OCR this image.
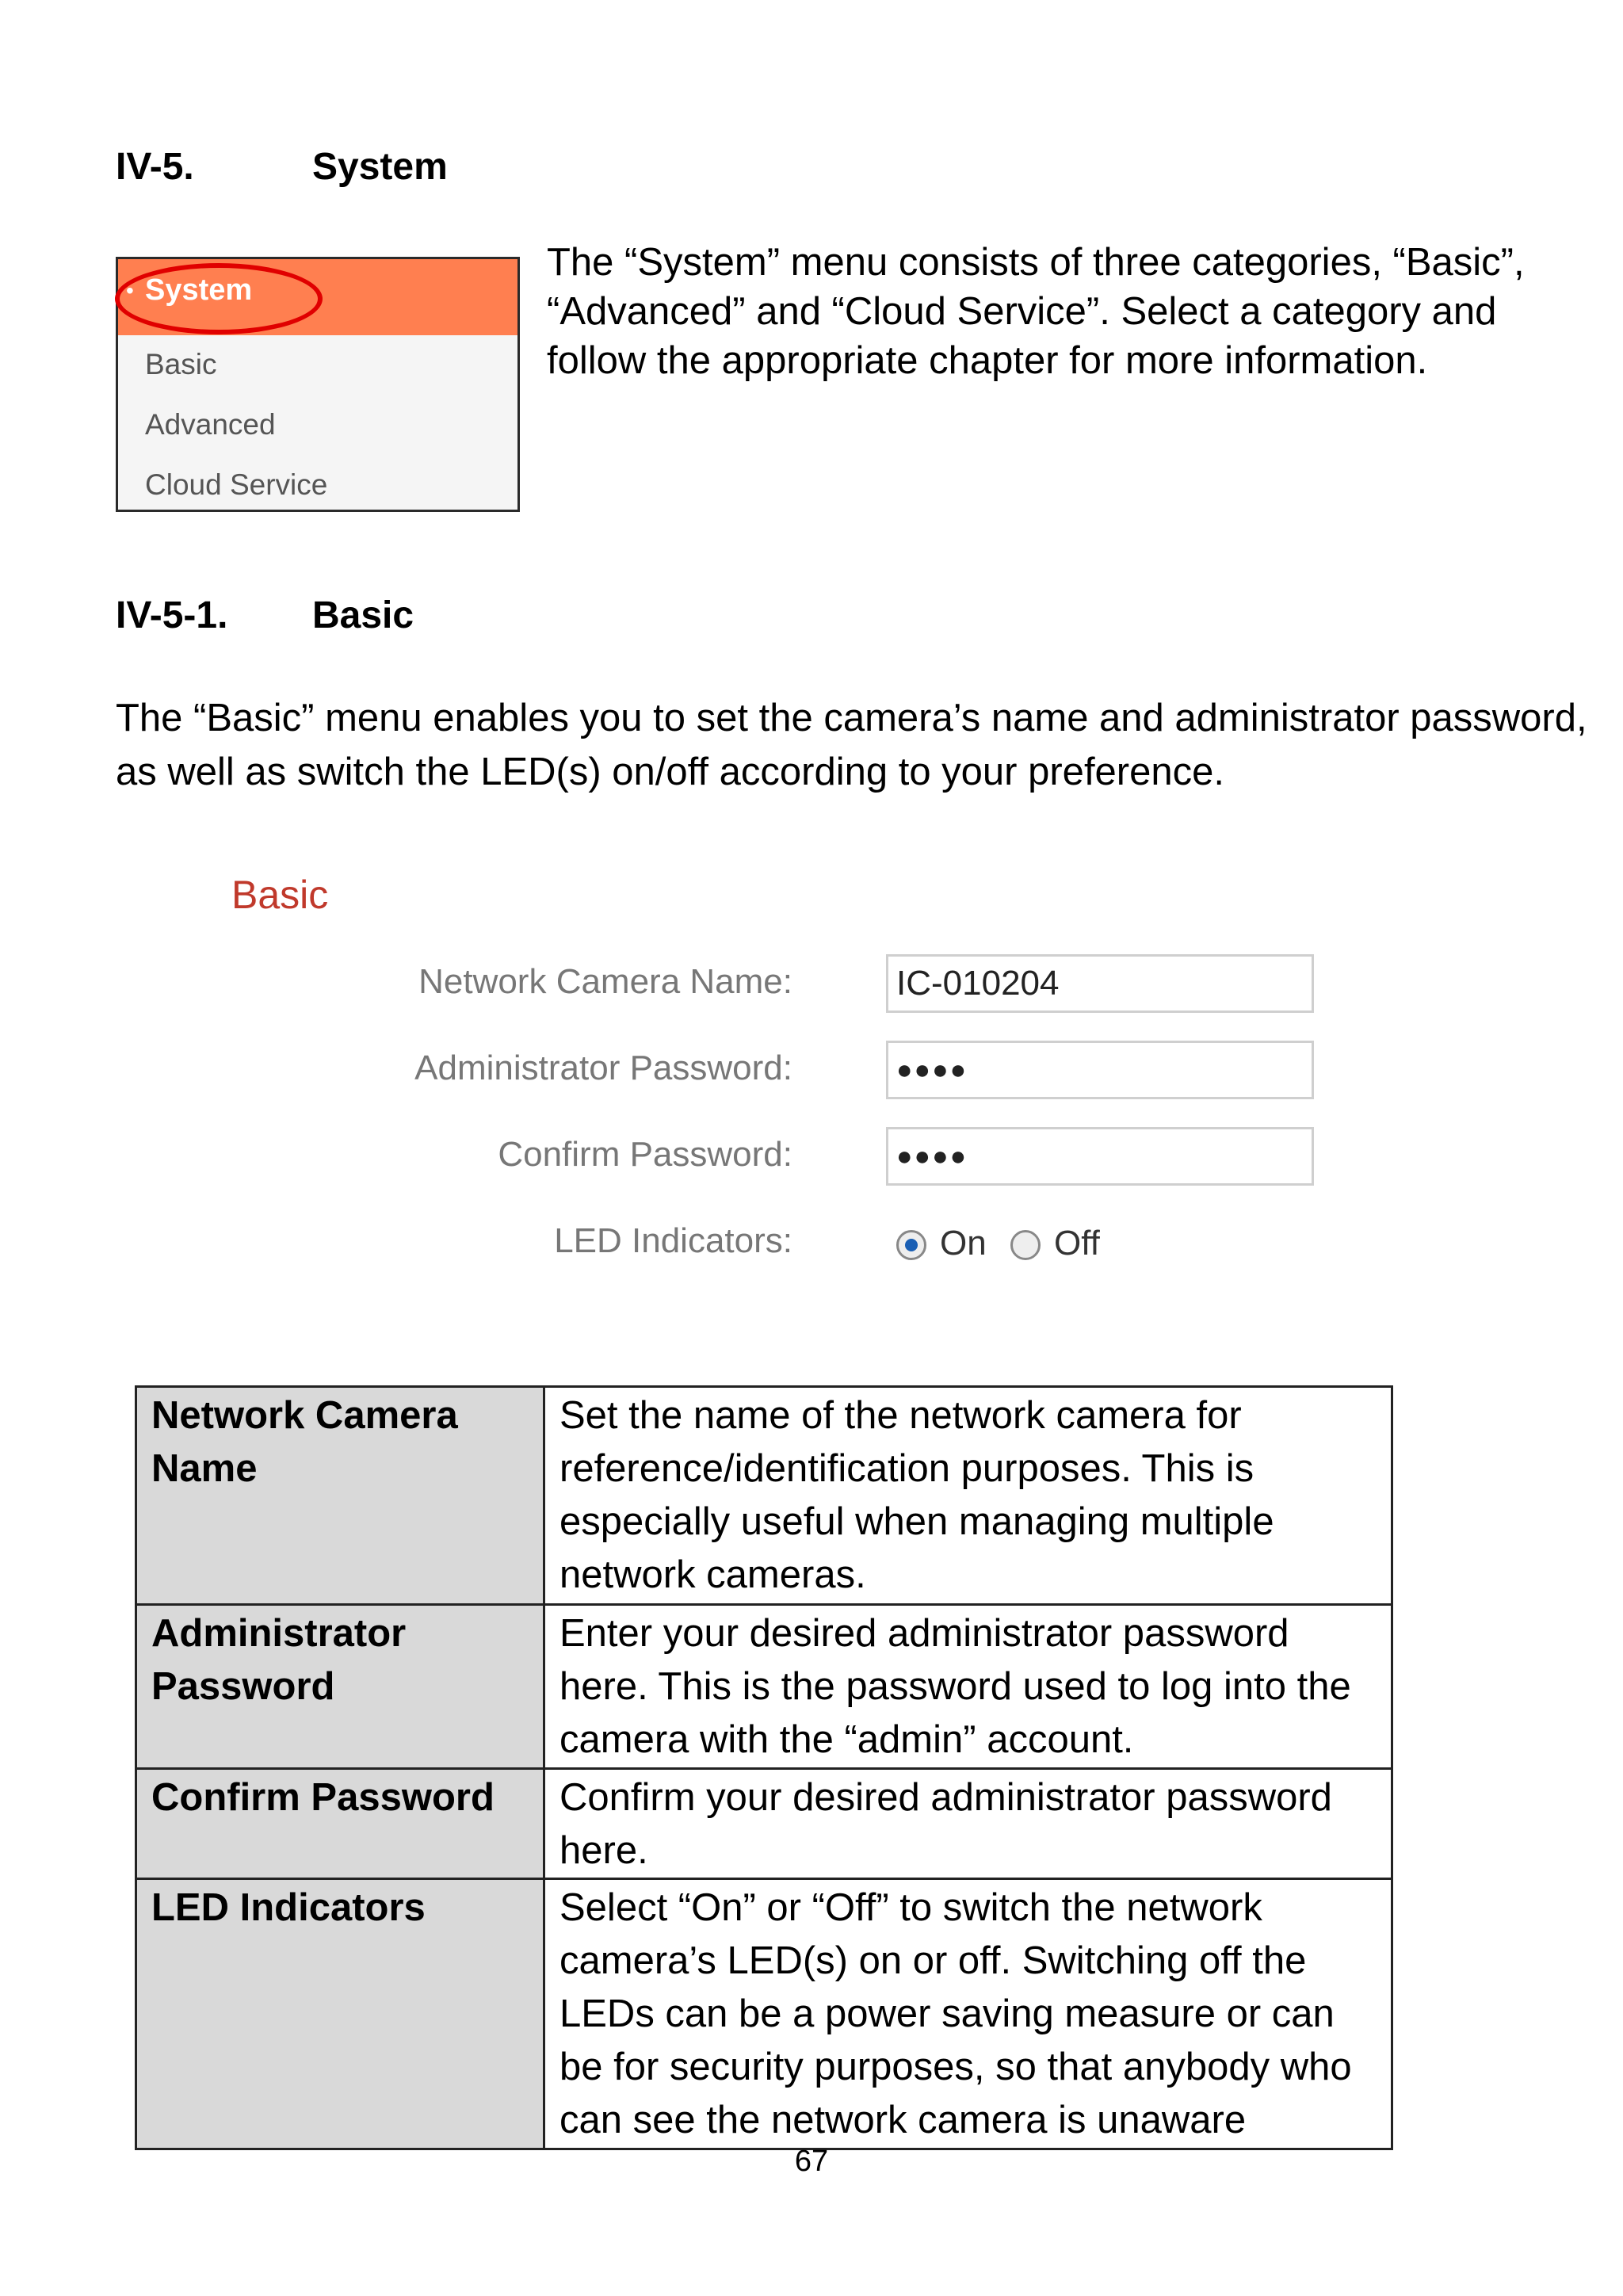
IV-5.	System
• System
Basic
Advanced
Cloud Service
The “System” menu consists of three categories, “Basic”, “Advanced” and “Cloud Service”. Select a category and follow the appropriate chapter for more information.
IV-5-1. Basic
The “Basic” menu enables you to set the camera’s name and administrator password, as well as switch the LED(s) on/off according to your preference.
Basic
Network Camera Name:	IC-010204
Administrator Password:	●●●●
Confirm Password:	●●●●
LED Indicators:	On Off
Network Camera Name	Set the name of the network camera for reference/identification purposes. This is especially useful when managing multiple network cameras.
Administrator Password	Enter your desired administrator password here. This is the password used to log into the camera with the “admin” account.
Confirm Password	Confirm your desired administrator password here.
LED Indicators	Select “On” or “Off” to switch the network camera’s LED(s) on or off. Switching off the LEDs can be a power saving measure or can be for security purposes, so that anybody who can see the network camera is unaware
67
